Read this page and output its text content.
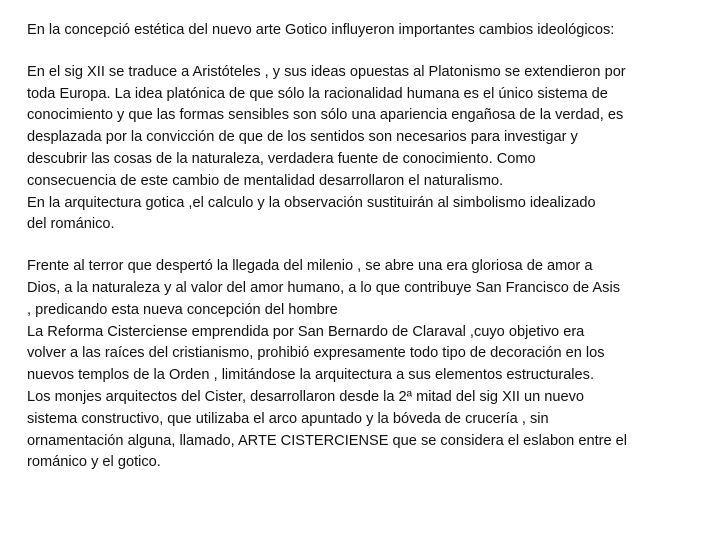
En la concepció estética del nuevo arte Gotico influyeron importantes cambios ideológicos:
En el sig XII se traduce a Aristóteles , y sus ideas opuestas al Platonismo se extendieron por
toda Europa. La idea platónica de que sólo la racionalidad humana es el único sistema de
conocimiento y que las formas sensibles son sólo una apariencia engañosa de la verdad, es
desplazada por la convicción de que de los sentidos son necesarios para investigar y
descubrir las cosas de la naturaleza, verdadera fuente de conocimiento. Como
consecuencia de este cambio de mentalidad desarrollaron el naturalismo.
En la arquitectura gotica ,el calculo y la observación sustituirán al simbolismo idealizado
del románico.
Frente al terror que despertó la llegada del milenio , se abre una era gloriosa de amor a
Dios, a la naturaleza y al valor del amor humano, a lo que contribuye San Francisco de Asis
, predicando esta nueva concepción del hombre
La Reforma Cisterciense emprendida por San Bernardo de Claraval ,cuyo objetivo era
volver a las raíces del cristianismo, prohibió expresamente todo tipo de decoración en los
nuevos templos de la Orden , limitándose la arquitectura a sus elementos estructurales.
Los monjes arquitectos del Cister, desarrollaron desde la 2ª mitad del sig XII un nuevo
sistema constructivo, que utilizaba el arco apuntado y la bóveda de crucería , sin
ornamentación alguna, llamado, ARTE CISTERCIENSE que se considera el eslabon entre el
románico y el gotico.
